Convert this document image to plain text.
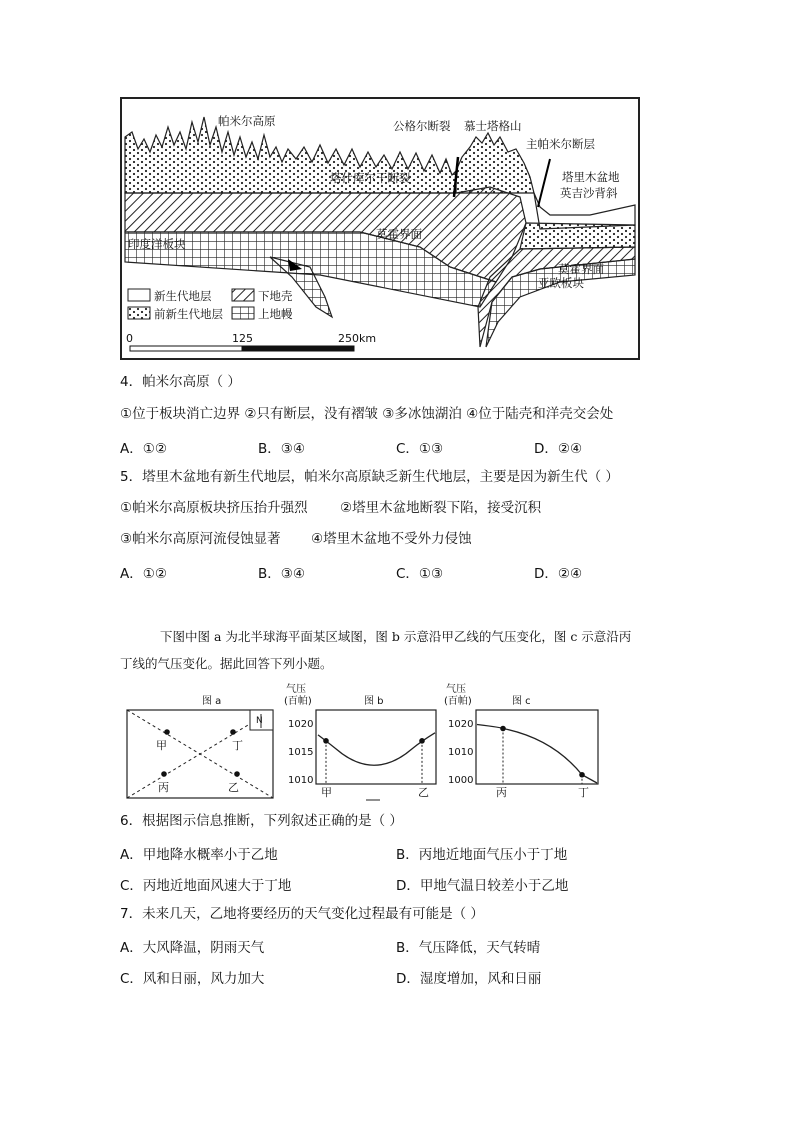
帕米尔高原	公格尔断裂 慕士塔格山
主帕米尔断层
塔什库尔干断裂	塔里木盆地
英吉沙背斜
莫霍界面
莫霍界面
印度洋板块
亚欧板块
新生代地层	下地壳
前新生代地层	上地幔
0	125	250km
4．帕米尔高原（ ）
①位于板块消亡边界 ②只有断层，没有褶皱 ③多冰蚀湖泊 ④位于陆壳和洋壳交会处
A．①②	B．③④	C．①③	D．②④
5．塔里木盆地有新生代地层，帕米尔高原缺乏新生代地层，主要是因为新生代（ ）
①帕米尔高原板块挤压抬升强烈 ②塔里木盆地断裂下陷，接受沉积
③帕米尔高原河流侵蚀显著 ④塔里木盆地不受外力侵蚀
A．①②	B．③④	C．①③	D．②④
下图中图 a 为北半球海平面某区域图，图 b 示意沿甲乙线的气压变化，图 c 示意沿丙
丁线的气压变化。据此回答下列小题。
图 a
N
甲	丁
丙	乙
气压
(百帕)	图 b
1020
1015
1010
甲	乙
气压
(百帕)	图 c
1020
1010
1000
丙	丁
6．根据图示信息推断，下列叙述正确的是（ ）
A．甲地降水概率小于乙地	B．丙地近地面气压小于丁地
C．丙地近地面风速大于丁地	D．甲地气温日较差小于乙地
7．未来几天，乙地将要经历的天气变化过程最有可能是（ ）
A．大风降温，阴雨天气	B．气压降低，天气转晴
C．风和日丽，风力加大	D．湿度增加，风和日丽
